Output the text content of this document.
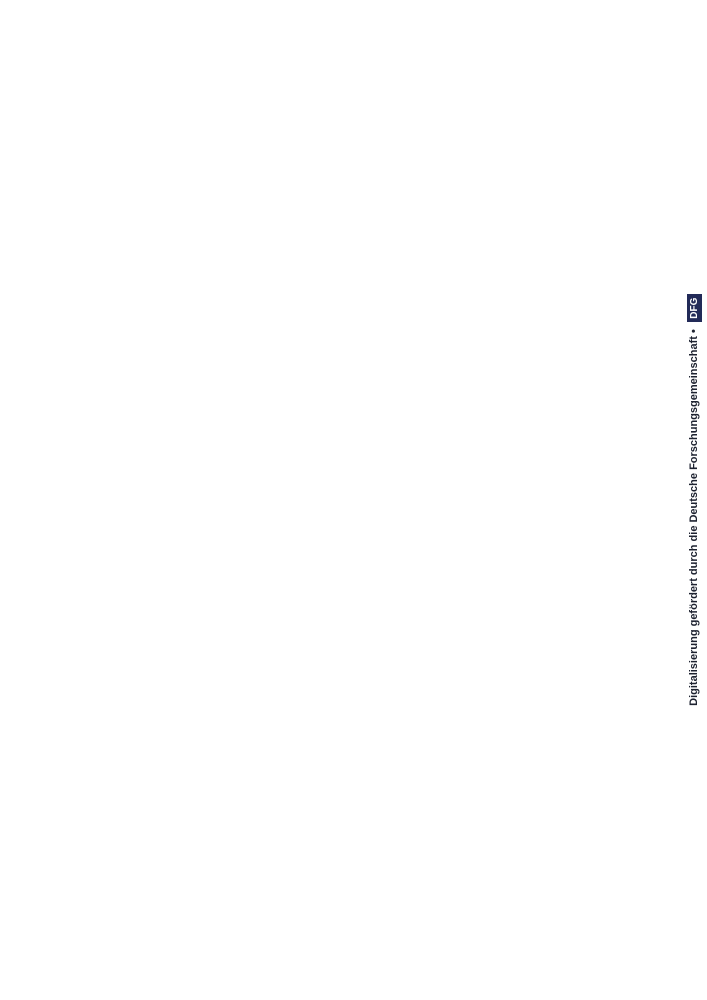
Digitalisierung gefördert durch die Deutsche Forschungsgemeinschaft • DFG
